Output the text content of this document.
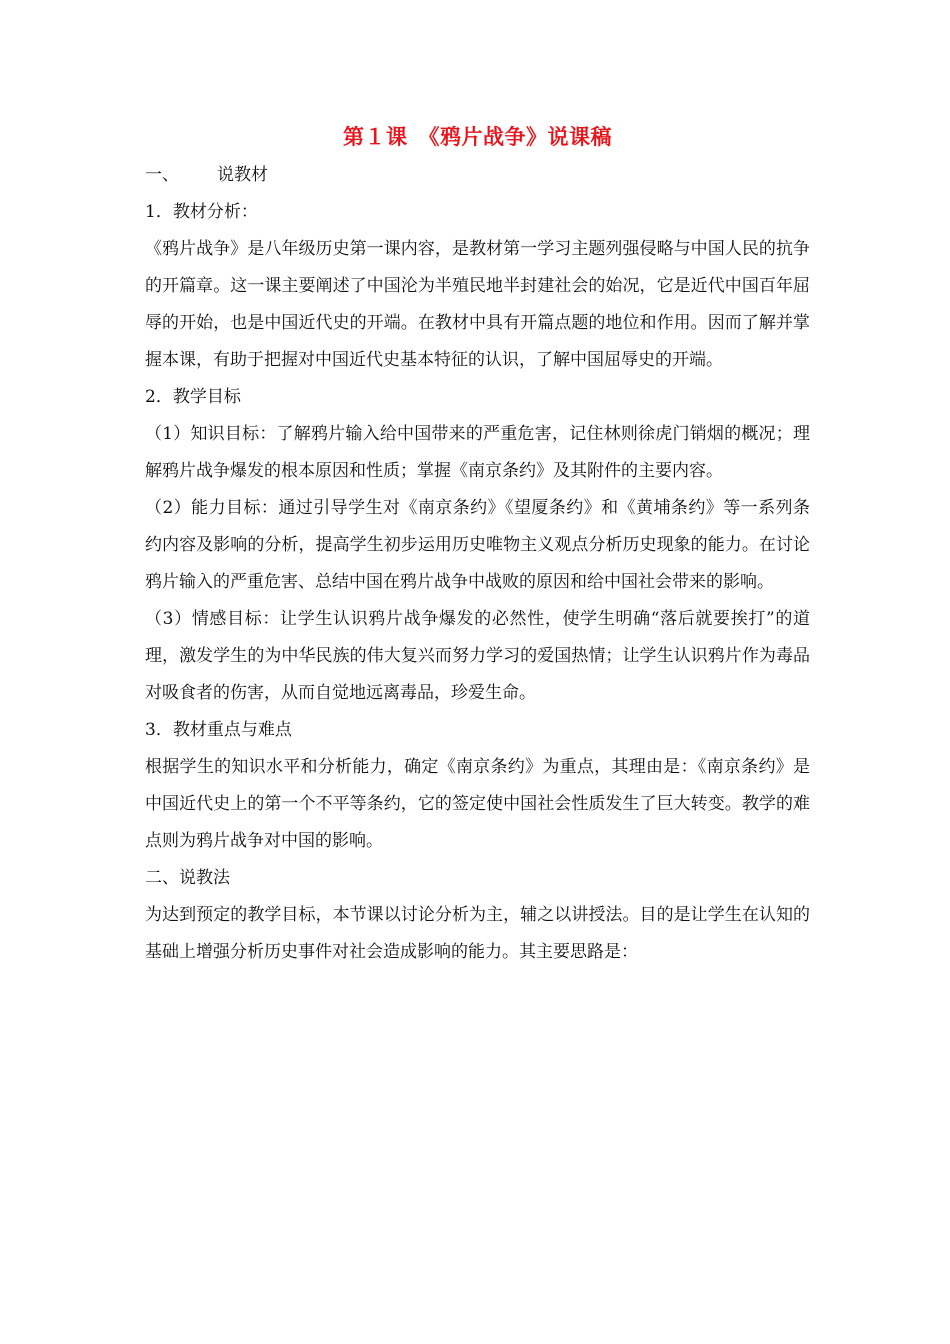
第１课　《鸦片战争》说课稿
一、 说教材
1．教材分析：
《鸦片战争》是八年级历史第一课内容，是教材第一学习主题列强侵略与中国人民的抗争的开篇章。这一课主要阐述了中国沦为半殖民地半封建社会的始况，它是近代中国百年屈辱的开始，也是中国近代史的开端。在教材中具有开篇点题的地位和作用。因而了解并掌握本课，有助于把握对中国近代史基本特征的认识，了解中国屈辱史的开端。
2．教学目标
（1）知识目标：了解鸦片输入给中国带来的严重危害，记住林则徐虎门销烟的概况；理解鸦片战争爆发的根本原因和性质；掌握《南京条约》及其附件的主要内容。
（2）能力目标：通过引导学生对《南京条约》《望厦条约》和《黄埔条约》等一系列条约内容及影响的分析，提高学生初步运用历史唯物主义观点分析历史现象的能力。在讨论鸦片输入的严重危害、总结中国在鸦片战争中战败的原因和给中国社会带来的影响。
（3）情感目标：让学生认识鸦片战争爆发的必然性，使学生明确“落后就要挨打”的道理，激发学生的为中华民族的伟大复兴而努力学习的爱国热情；让学生认识鸦片作为毒品对吸食者的伤害，从而自觉地远离毒品，珍爱生命。
3．教材重点与难点
根据学生的知识水平和分析能力，确定《南京条约》为重点，其理由是：《南京条约》是中国近代史上的第一个不平等条约，它的签定使中国社会性质发生了巨大转变。教学的难点则为鸦片战争对中国的影响。
二、说教法
为达到预定的教学目标，本节课以讨论分析为主，辅之以讲授法。目的是让学生在认知的基础上增强分析历史事件对社会造成影响的能力。其主要思路是：
